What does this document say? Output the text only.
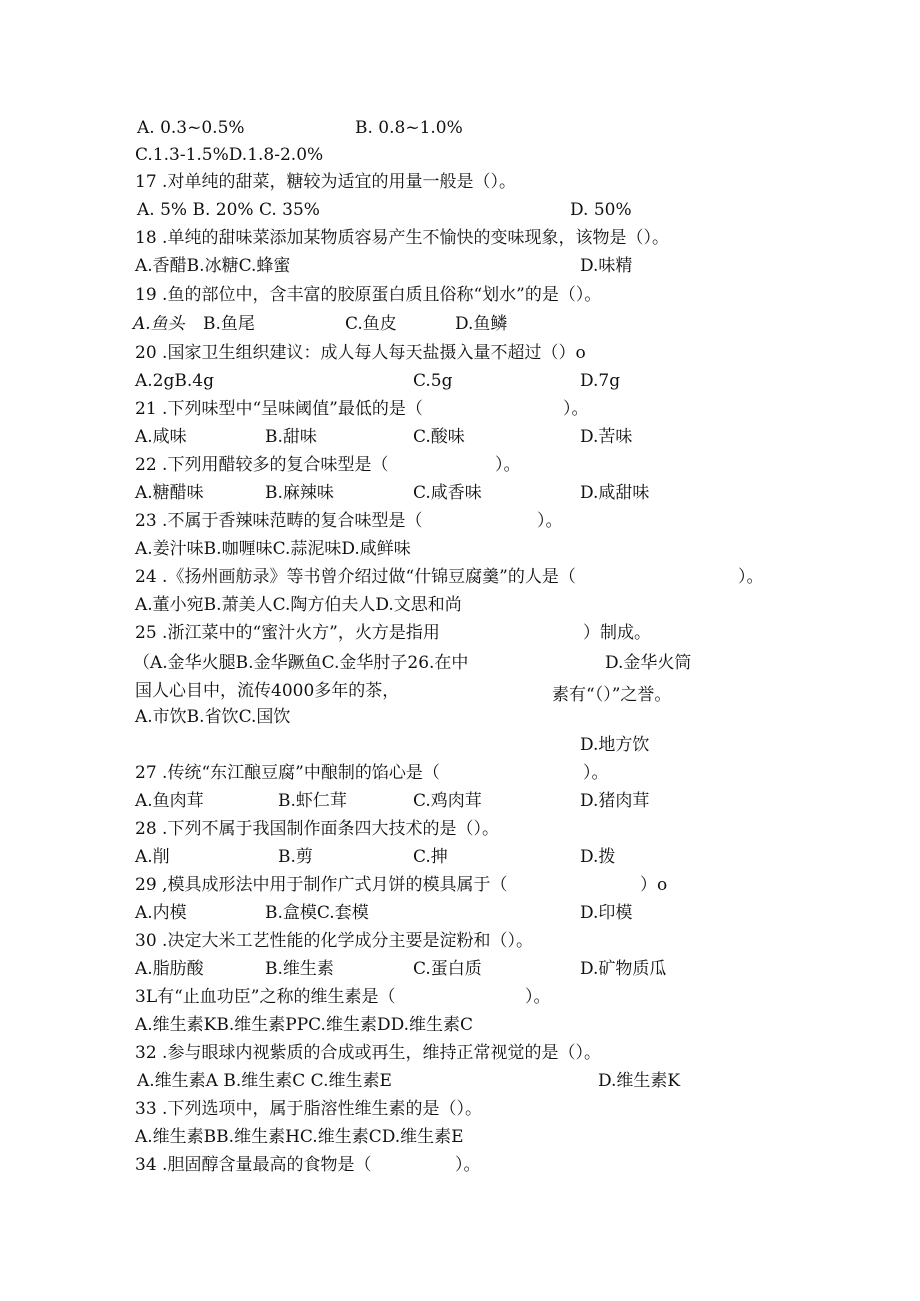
A. 0.3~0.5%	B. 0.8~1.0%
C.1.3-1.5%D.1.8-2.0%
17 .对单纯的甜菜，糖较为适宜的用量一般是（）。
A. 5% B. 20% C. 35%	D. 50%
18 .单纯的甜味菜添加某物质容易产生不愉快的变味现象，该物是（）。
A.香醋B.冰糖C.蜂蜜	D.味精
19 .鱼的部位中，含丰富的胶原蛋白质且俗称“划水”的是（）。
A.鱼头 B.鱼尾	C.鱼皮	D.鱼鳞
20 .国家卫生组织建议：成人每人每天盐摄入量不超过（）o
A.2gB.4g	C.5g	D.7g
21 .下列味型中“呈味阈值”最低的是（	）。
A.咸味	B.甜味	C.酸味	D.苦味
22 .下列用醋较多的复合味型是（	）。
A.糖醋味	B.麻辣味	C.咸香味	D.咸甜味
23 .不属于香辣味范畴的复合味型是（	）。
A.姜汁味B.咖喱味C.蒜泥味D.咸鲜味
24 .《扬州画舫录》等书曾介绍过做“什锦豆腐羹”的人是（	）。
A.董小宛B.萧美人C.陶方伯夫人D.文思和尚
25 .浙江菜中的“蜜汁火方”，火方是指用	）制成。
（A.金华火腿B.金华蹶鱼C.金华肘子26.在中	D.金华火筒
国人心目中，流传4000多年的茶，	素有“（）”之誉。
A.市饮B.省饮C.国饮
D.地方饮
27 .传统“东江酿豆腐”中酿制的馅心是（	）。
A.鱼肉茸	B.虾仁茸	C.鸡肉茸	D.猪肉茸
28 .下列不属于我国制作面条四大技术的是（）。
A.削	B.剪	C.抻	D.拨
29 ,模具成形法中用于制作广式月饼的模具属于（	）o
A.内模	B.盒模C.套模	D.印模
30 .决定大米工艺性能的化学成分主要是淀粉和（）。
A.脂肪酸	B.维生素	C.蛋白质	D.矿物质瓜
3L有“止血功臣”之称的维生素是（	）。
A.维生素KB.维生素PPC.维生素DD.维生素C
32 .参与眼球内视紫质的合成或再生，维持正常视觉的是（）。
A.维生素A B.维生素C C.维生素E	D.维生素K
33 .下列选项中，属于脂溶性维生素的是（）。
A.维生素BB.维生素HC.维生素CD.维生素E
34 .胆固醇含量最高的食物是（	）。
